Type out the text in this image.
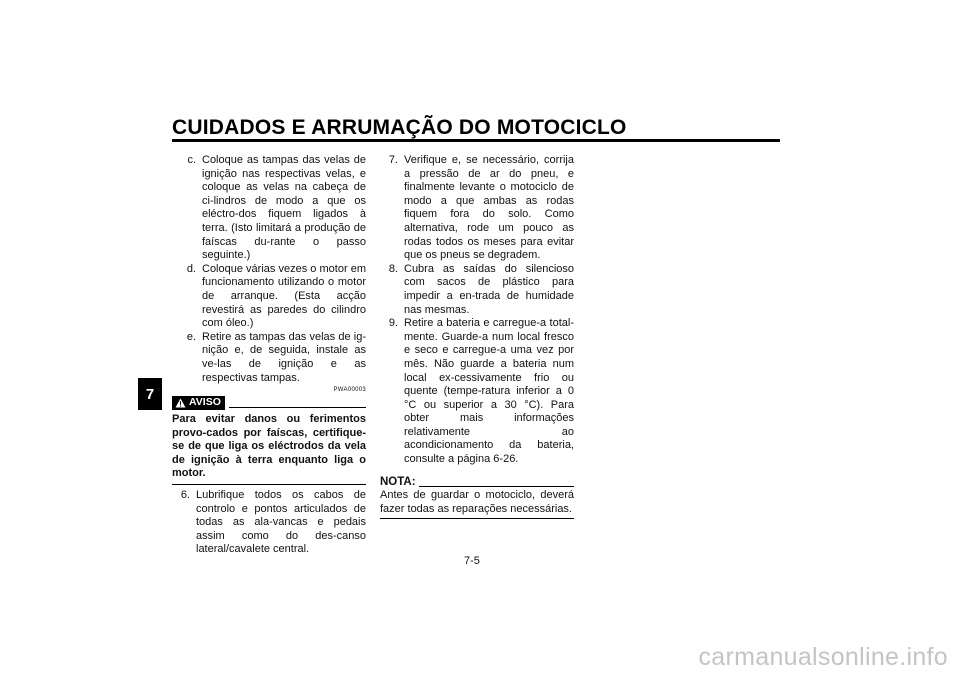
CUIDADOS E ARRUMAÇÃO DO MOTOCICLO
7
c. Coloque as tampas das velas de ignição nas respectivas velas, e coloque as velas na cabeça de ci-lindros de modo a que os eléctro-dos fiquem ligados à terra. (Isto limitará a produção de faíscas du-rante o passo seguinte.)
d. Coloque várias vezes o motor em funcionamento utilizando o motor de arranque. (Esta acção revestirá as paredes do cilindro com óleo.)
e. Retire as tampas das velas de ig-nição e, de seguida, instale as ve-las de ignição e as respectivas tampas.
PWA00003
AVISO
Para evitar danos ou ferimentos provo-cados por faíscas, certifique-se de que liga os eléctrodos da vela de ignição à terra enquanto liga o motor.
6. Lubrifique todos os cabos de controlo e pontos articulados de todas as ala-vancas e pedais assim como do des-canso lateral/cavalete central.
7. Verifique e, se necessário, corrija a pressão de ar do pneu, e finalmente levante o motociclo de modo a que ambas as rodas fiquem fora do solo. Como alternativa, rode um pouco as rodas todos os meses para evitar que os pneus se degradem.
8. Cubra as saídas do silencioso com sacos de plástico para impedir a en-trada de humidade nas mesmas.
9. Retire a bateria e carregue-a total-mente. Guarde-a num local fresco e seco e carregue-a uma vez por mês. Não guarde a bateria num local ex-cessivamente frio ou quente (tempe-ratura inferior a 0 °C ou superior a 30 °C). Para obter mais informações relativamente ao acondicionamento da bateria, consulte a página 6-26.
NOTA:
Antes de guardar o motociclo, deverá fazer todas as reparações necessárias.
7-5
carmanualsonline.info
